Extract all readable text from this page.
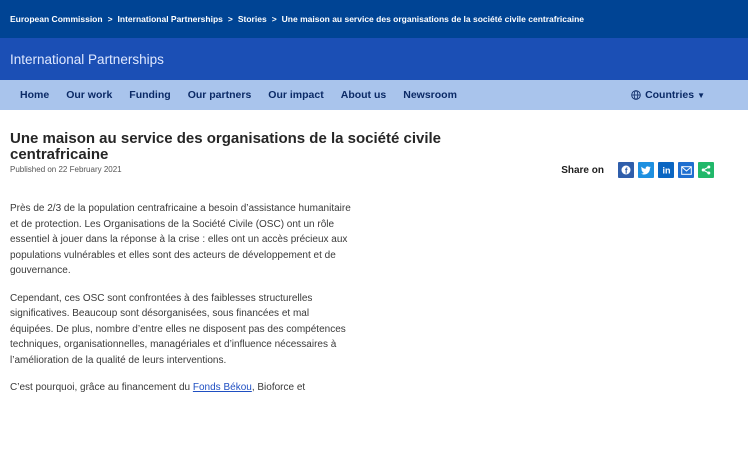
European Commission > International Partnerships > Stories > Une maison au service des organisations de la société civile centrafricaine
International Partnerships
Home Our work Funding Our partners Our impact About us Newsroom	Countries ▼
Une maison au service des organisations de la société civile centrafricaine
Published on 22 February 2021	Share on	f	in

Près de 2/3 de la population centrafricaine a besoin d’assistance humanitaire et de protection. Les Organisations de la Société Civile (OSC) ont un rôle essentiel à jouer dans la réponse à la crise : elles ont un accès précieux aux populations vulnérables et elles sont des acteurs de développement et de gouvernance.

Cependant, ces OSC sont confrontées à des faiblesses structurelles significatives. Beaucoup sont désorganisées, sous financées et mal équipées. De plus, nombre d’entre elles ne disposent pas des compétences techniques, organisationnelles, managériales et d’influence nécessaires à l’amélioration de la qualité de leurs interventions.

C’est pourquoi, grâce au financement du Fonds Békou, Bioforce et
